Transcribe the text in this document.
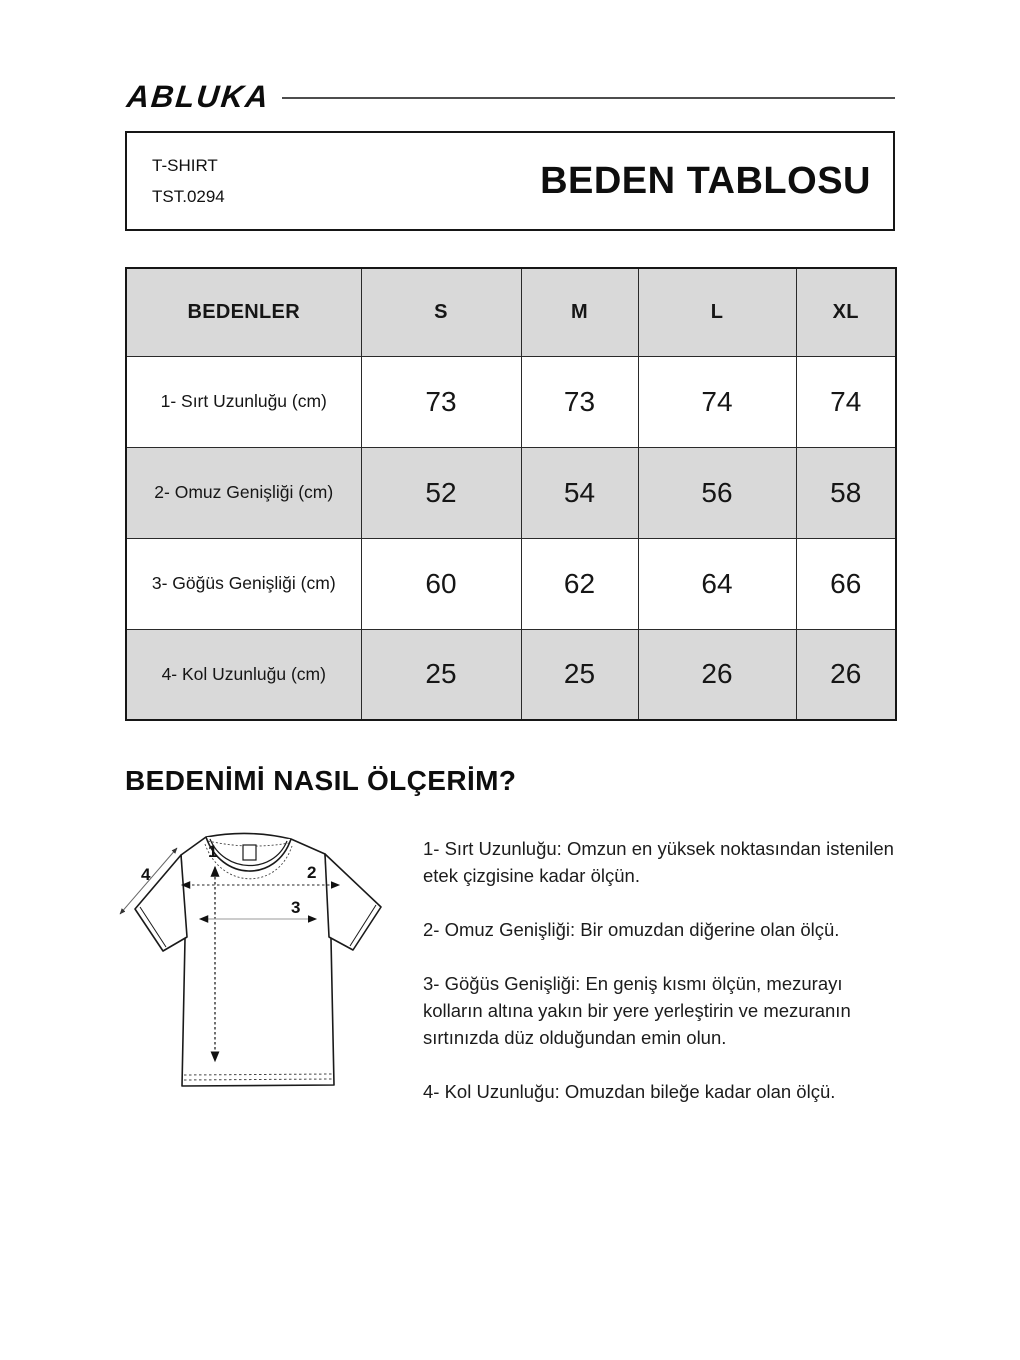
ABLUKA
T-SHIRT
TST.0294	BEDEN TABLOSU
BEDENLER	S	M	L	XL
1- Sırt Uzunluğu (cm)	73	73	74	74
2- Omuz Genişliği (cm)	52	54	56	58
3- Göğüs Genişliği (cm)	60	62	64	66
4- Kol Uzunluğu (cm)	25	25	26	26
BEDENİMİ NASIL ÖLÇERİM?
1
2
3
4

1- Sırt Uzunluğu: Omzun en yüksek noktasından istenilen etek çizgisine kadar ölçün.

2- Omuz Genişliği: Bir omuzdan diğerine olan ölçü.

3- Göğüs Genişliği: En geniş kısmı ölçün, mezurayı kolların altına yakın bir yere yerleştirin ve mezuranın sırtınızda düz olduğundan emin olun.

4- Kol Uzunluğu: Omuzdan bileğe kadar olan ölçü.
